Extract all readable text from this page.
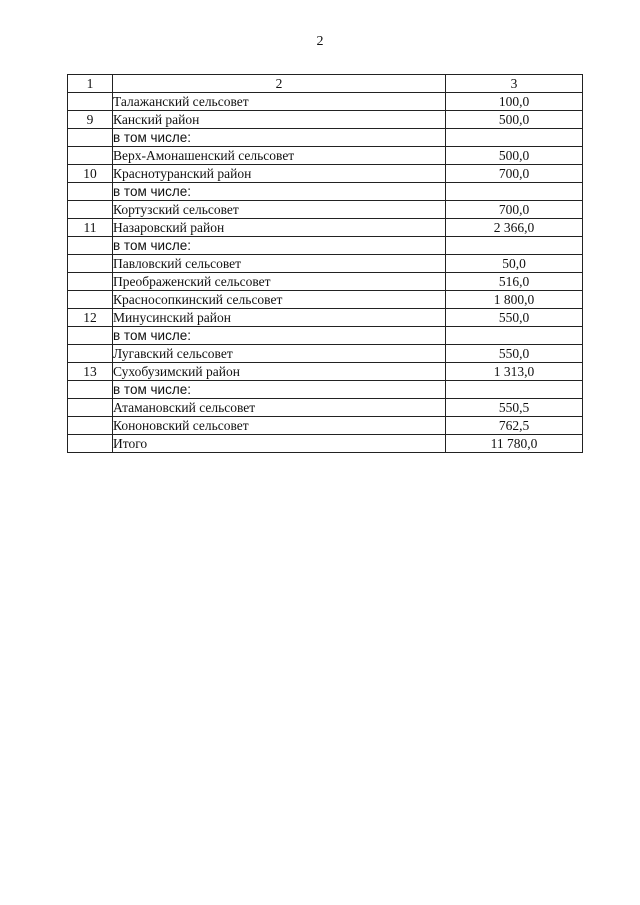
2
1	2	3
	Талажанский сельсовет	100,0
9	Канский район	500,0
	в том числе:	
	Верх-Амонашенский сельсовет	500,0
10	Краснотуранский район	700,0
	в том числе:	
	Кортузский сельсовет	700,0
11	Назаровский район	2 366,0
	в том числе:	
	Павловский сельсовет	50,0
	Преображенский сельсовет	516,0
	Красносопкинский сельсовет	1 800,0
12	Минусинский район	550,0
	в том числе:	
	Лугавский сельсовет	550,0
13	Сухобузимский район	1 313,0
	в том числе:	
	Атамановский сельсовет	550,5
	Кононовский сельсовет	762,5
	Итого	11 780,0
